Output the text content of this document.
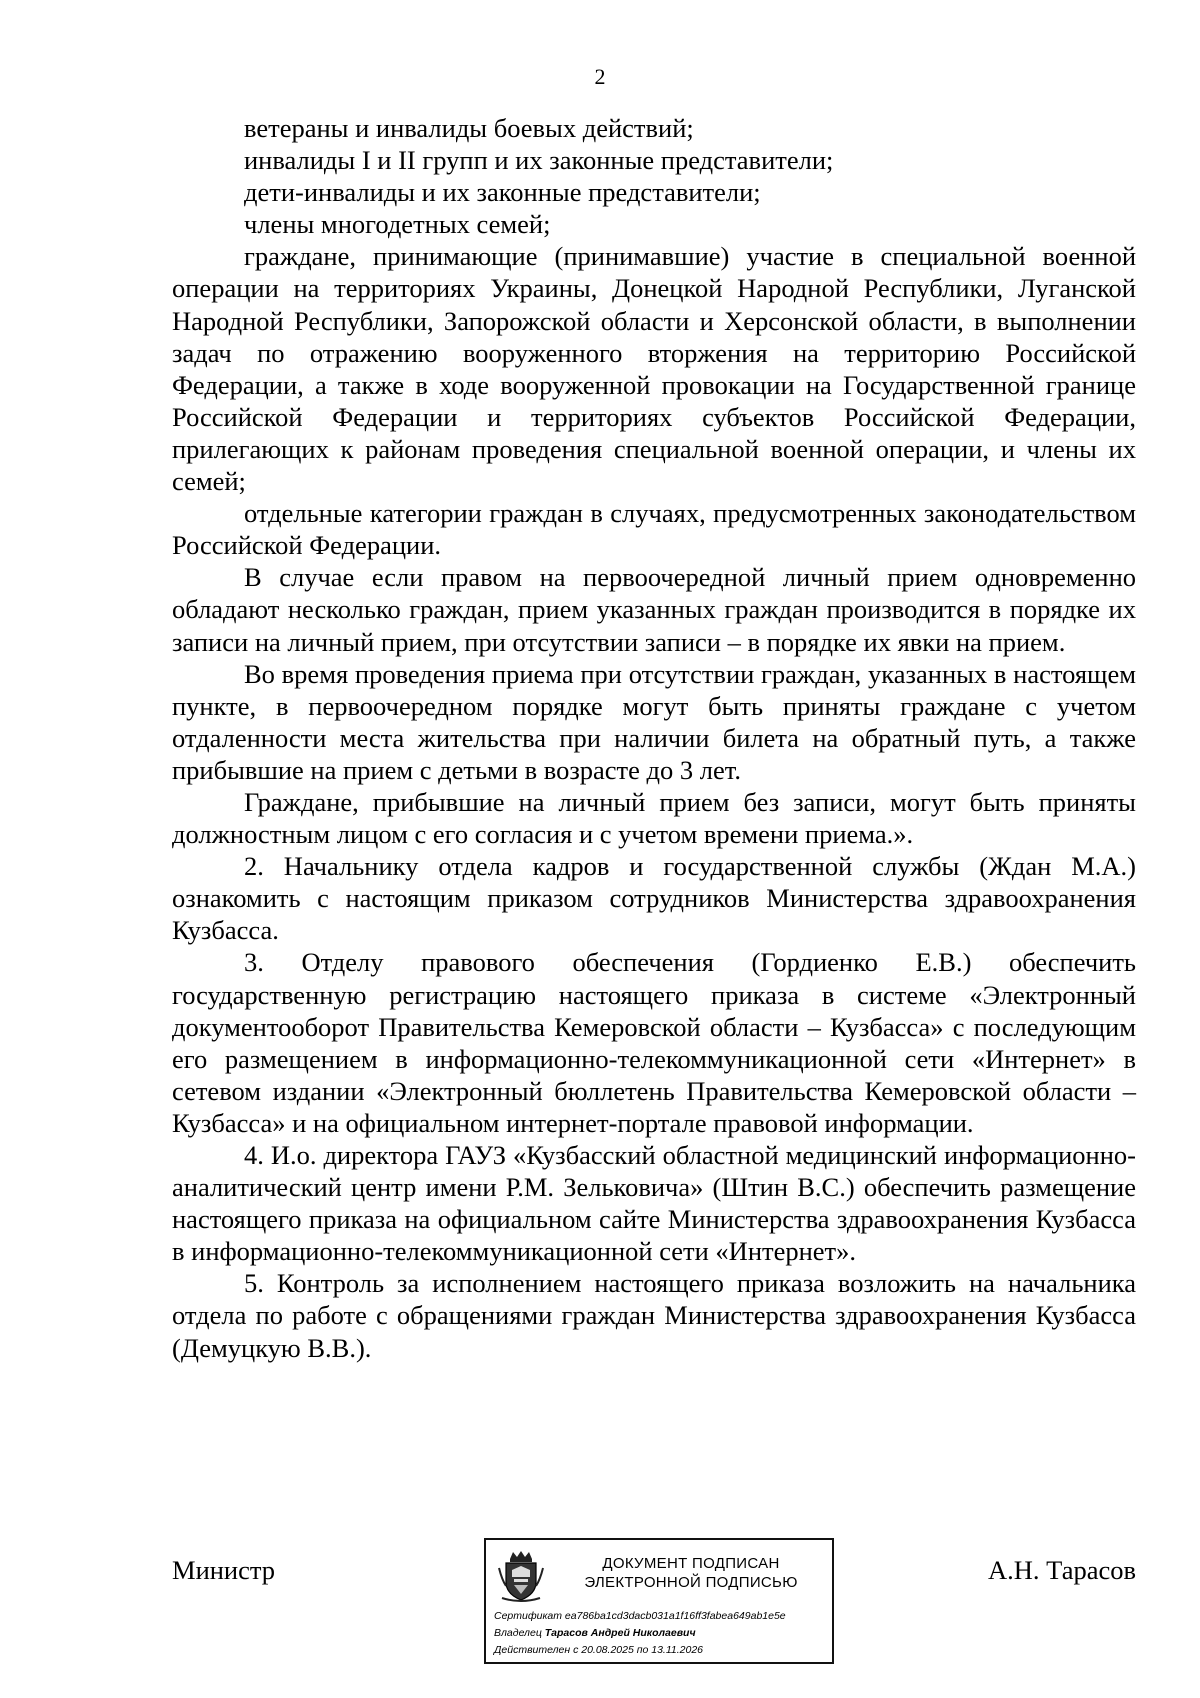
2

ветераны и инвалиды боевых действий;

инвалиды I и II групп и их законные представители;

дети-инвалиды и их законные представители;

члены многодетных семей;

граждане, принимающие (принимавшие) участие в специальной военной операции на территориях Украины, Донецкой Народной Республики, Луганской Народной Республики, Запорожской области и Херсонской области, в выполнении задач по отражению вооруженного вторжения на территорию Российской Федерации, а также в ходе вооруженной провокации на Государственной границе Российской Федерации и территориях субъектов Российской Федерации, прилегающих к районам проведения специальной военной операции, и члены их семей;

отдельные категории граждан в случаях, предусмотренных законодательством Российской Федерации.

В случае если правом на первоочередной личный прием одновременно обладают несколько граждан, прием указанных граждан производится в порядке их записи на личный прием, при отсутствии записи – в порядке их явки на прием.

Во время проведения приема при отсутствии граждан, указанных в настоящем пункте, в первоочередном порядке могут быть приняты граждане с учетом отдаленности места жительства при наличии билета на обратный путь, а также прибывшие на прием с детьми в возрасте до 3 лет.

Граждане, прибывшие на личный прием без записи, могут быть приняты должностным лицом с его согласия и с учетом времени приема.».

2. Начальнику отдела кадров и государственной службы (Ждан М.А.) ознакомить с настоящим приказом сотрудников Министерства здравоохранения Кузбасса.

3. Отделу правового обеспечения (Гордиенко Е.В.) обеспечить государственную регистрацию настоящего приказа в системе «Электронный документооборот Правительства Кемеровской области – Кузбасса» с последующим его размещением в информационно-телекоммуникационной сети «Интернет» в сетевом издании «Электронный бюллетень Правительства Кемеровской области – Кузбасса» и на официальном интернет-портале правовой информации.

4. И.о. директора ГАУЗ «Кузбасский областной медицинский информационно-аналитический центр имени Р.М. Зельковича» (Штин В.С.) обеспечить размещение настоящего приказа на официальном сайте Министерства здравоохранения Кузбасса в информационно-телекоммуникационной сети «Интернет».

5. Контроль за исполнением настоящего приказа возложить на начальника отдела по работе с обращениями граждан Министерства здравоохранения Кузбасса (Демуцкую В.В.).

Министр	ДОКУМЕНТ ПОДПИСАН
ЭЛЕКТРОННОЙ ПОДПИСЬЮ
Сертификат ea786ba1cd3dacb031a1f16ff3fabea649ab1e5e
Владелец Тарасов Андрей Николаевич
Действителен с 20.08.2025 по 13.11.2026
А.Н. Тарасов
